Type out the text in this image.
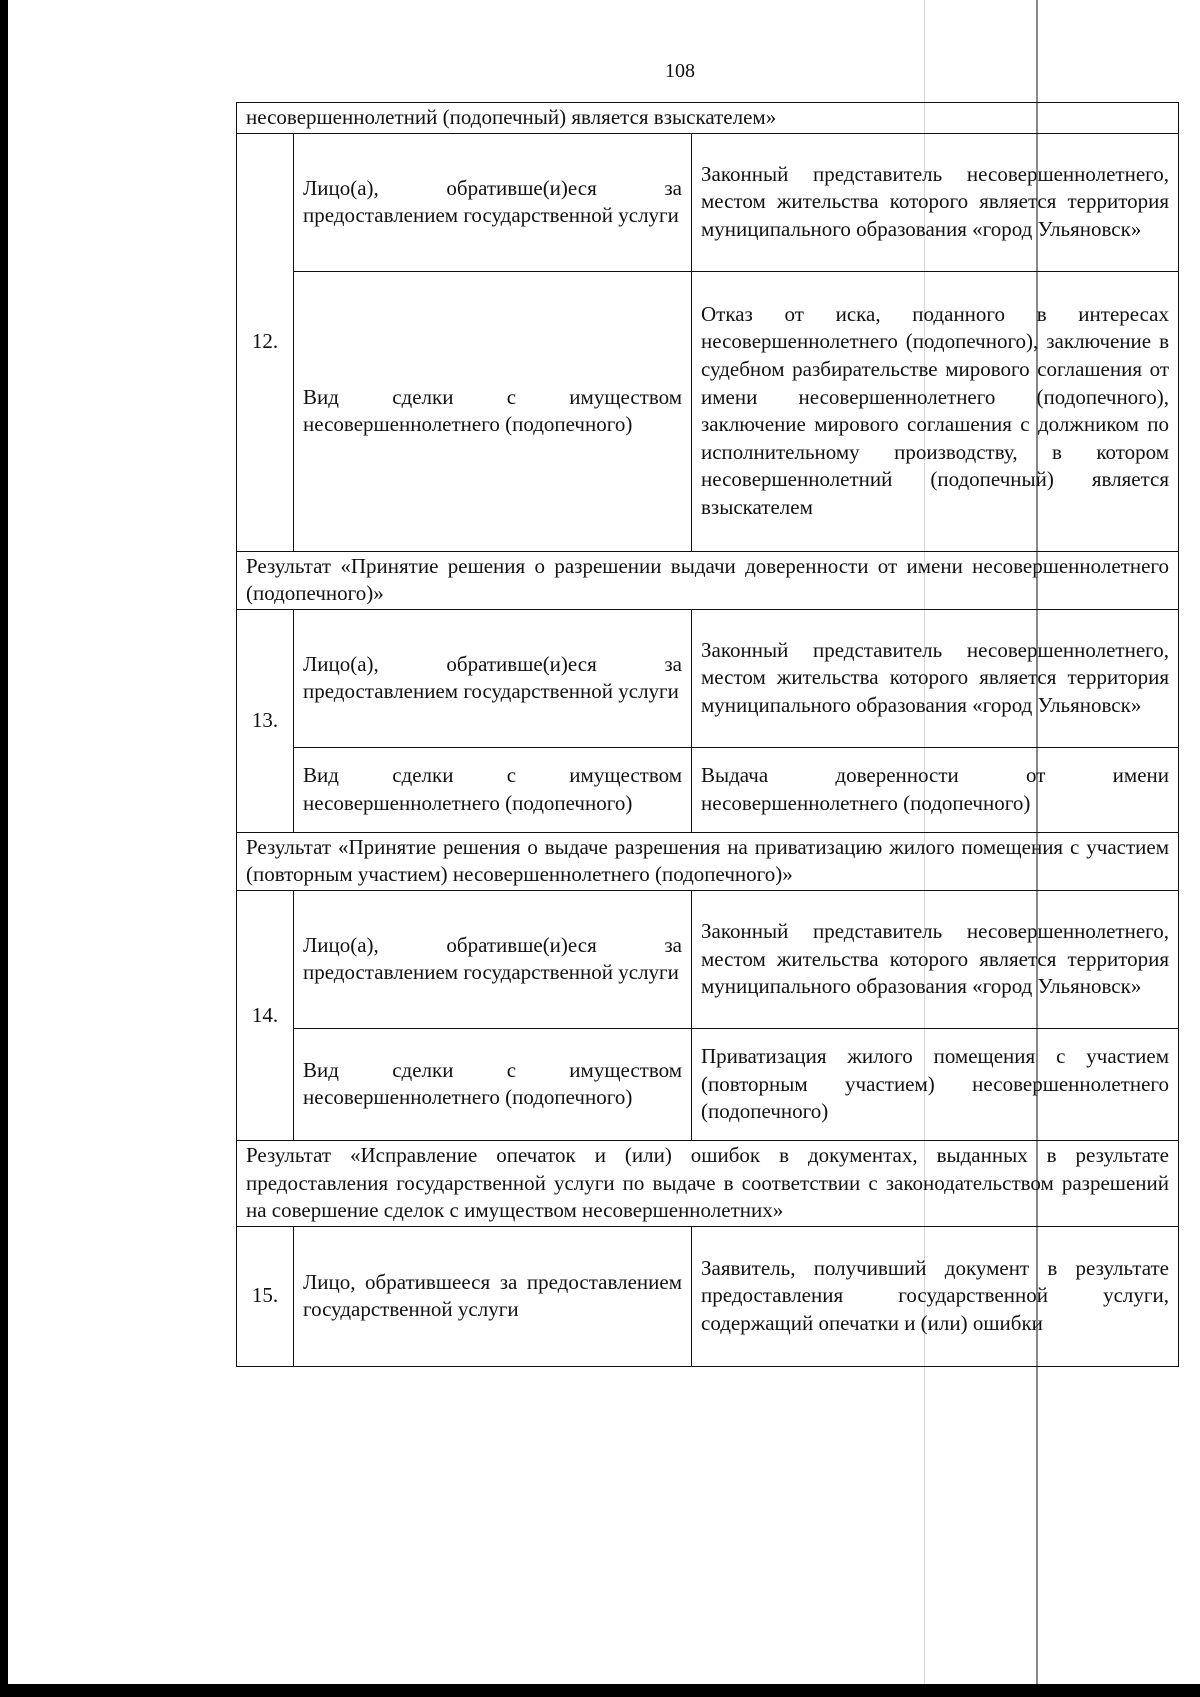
108
несовершеннолетний (подопечный) является взыскателем»		
12.	Лицо(а), обратившe(и)еся за предоставлением государственной услуги	Законный представитель несовершеннолетнего, местом жительства которого является территория муниципального образования «город Ульяновск»
	Вид сделки с имуществом несовершеннолетнего (подопечного)	Отказ от иска, поданного в интересах несовершеннолетнего (подопечного), заключение в судебном разбирательстве мирового соглашения от имени несовершеннолетнего (подопечного), заключение мирового соглашения с должником по исполнительному производству, в котором несовершеннолетний (подопечный) является взыскателем
Результат «Принятие решения о разрешении выдачи доверенности от имени несовершеннолетнего (подопечного)»		
13.	Лицо(а), обратившe(и)еся за предоставлением государственной услуги	Законный представитель несовершеннолетнего, местом жительства которого является территория муниципального образования «город Ульяновск»
	Вид сделки с имуществом несовершеннолетнего (подопечного)	Выдача доверенности от имени несовершеннолетнего (подопечного)
Результат «Принятие решения о выдаче разрешения на приватизацию жилого помещения с участием (повторным участием) несовершеннолетнего (подопечного)»		
14.	Лицо(а), обратившe(и)еся за предоставлением государственной услуги	Законный представитель несовершеннолетнего, местом жительства которого является территория муниципального образования «город Ульяновск»
	Вид сделки с имуществом несовершеннолетнего (подопечного)	Приватизация жилого помещения с участием (повторным участием) несовершеннолетнего (подопечного)
Результат «Исправление опечаток и (или) ошибок в документах, выданных в результате предоставления государственной услуги по выдаче в соответствии с законодательством разрешений на совершение сделок с имуществом несовершеннолетних»		
15.	Лицо, обратившееся за предоставлением государственной услуги	Заявитель, получивший документ в результате предоставления государственной услуги, содержащий опечатки и (или) ошибки
